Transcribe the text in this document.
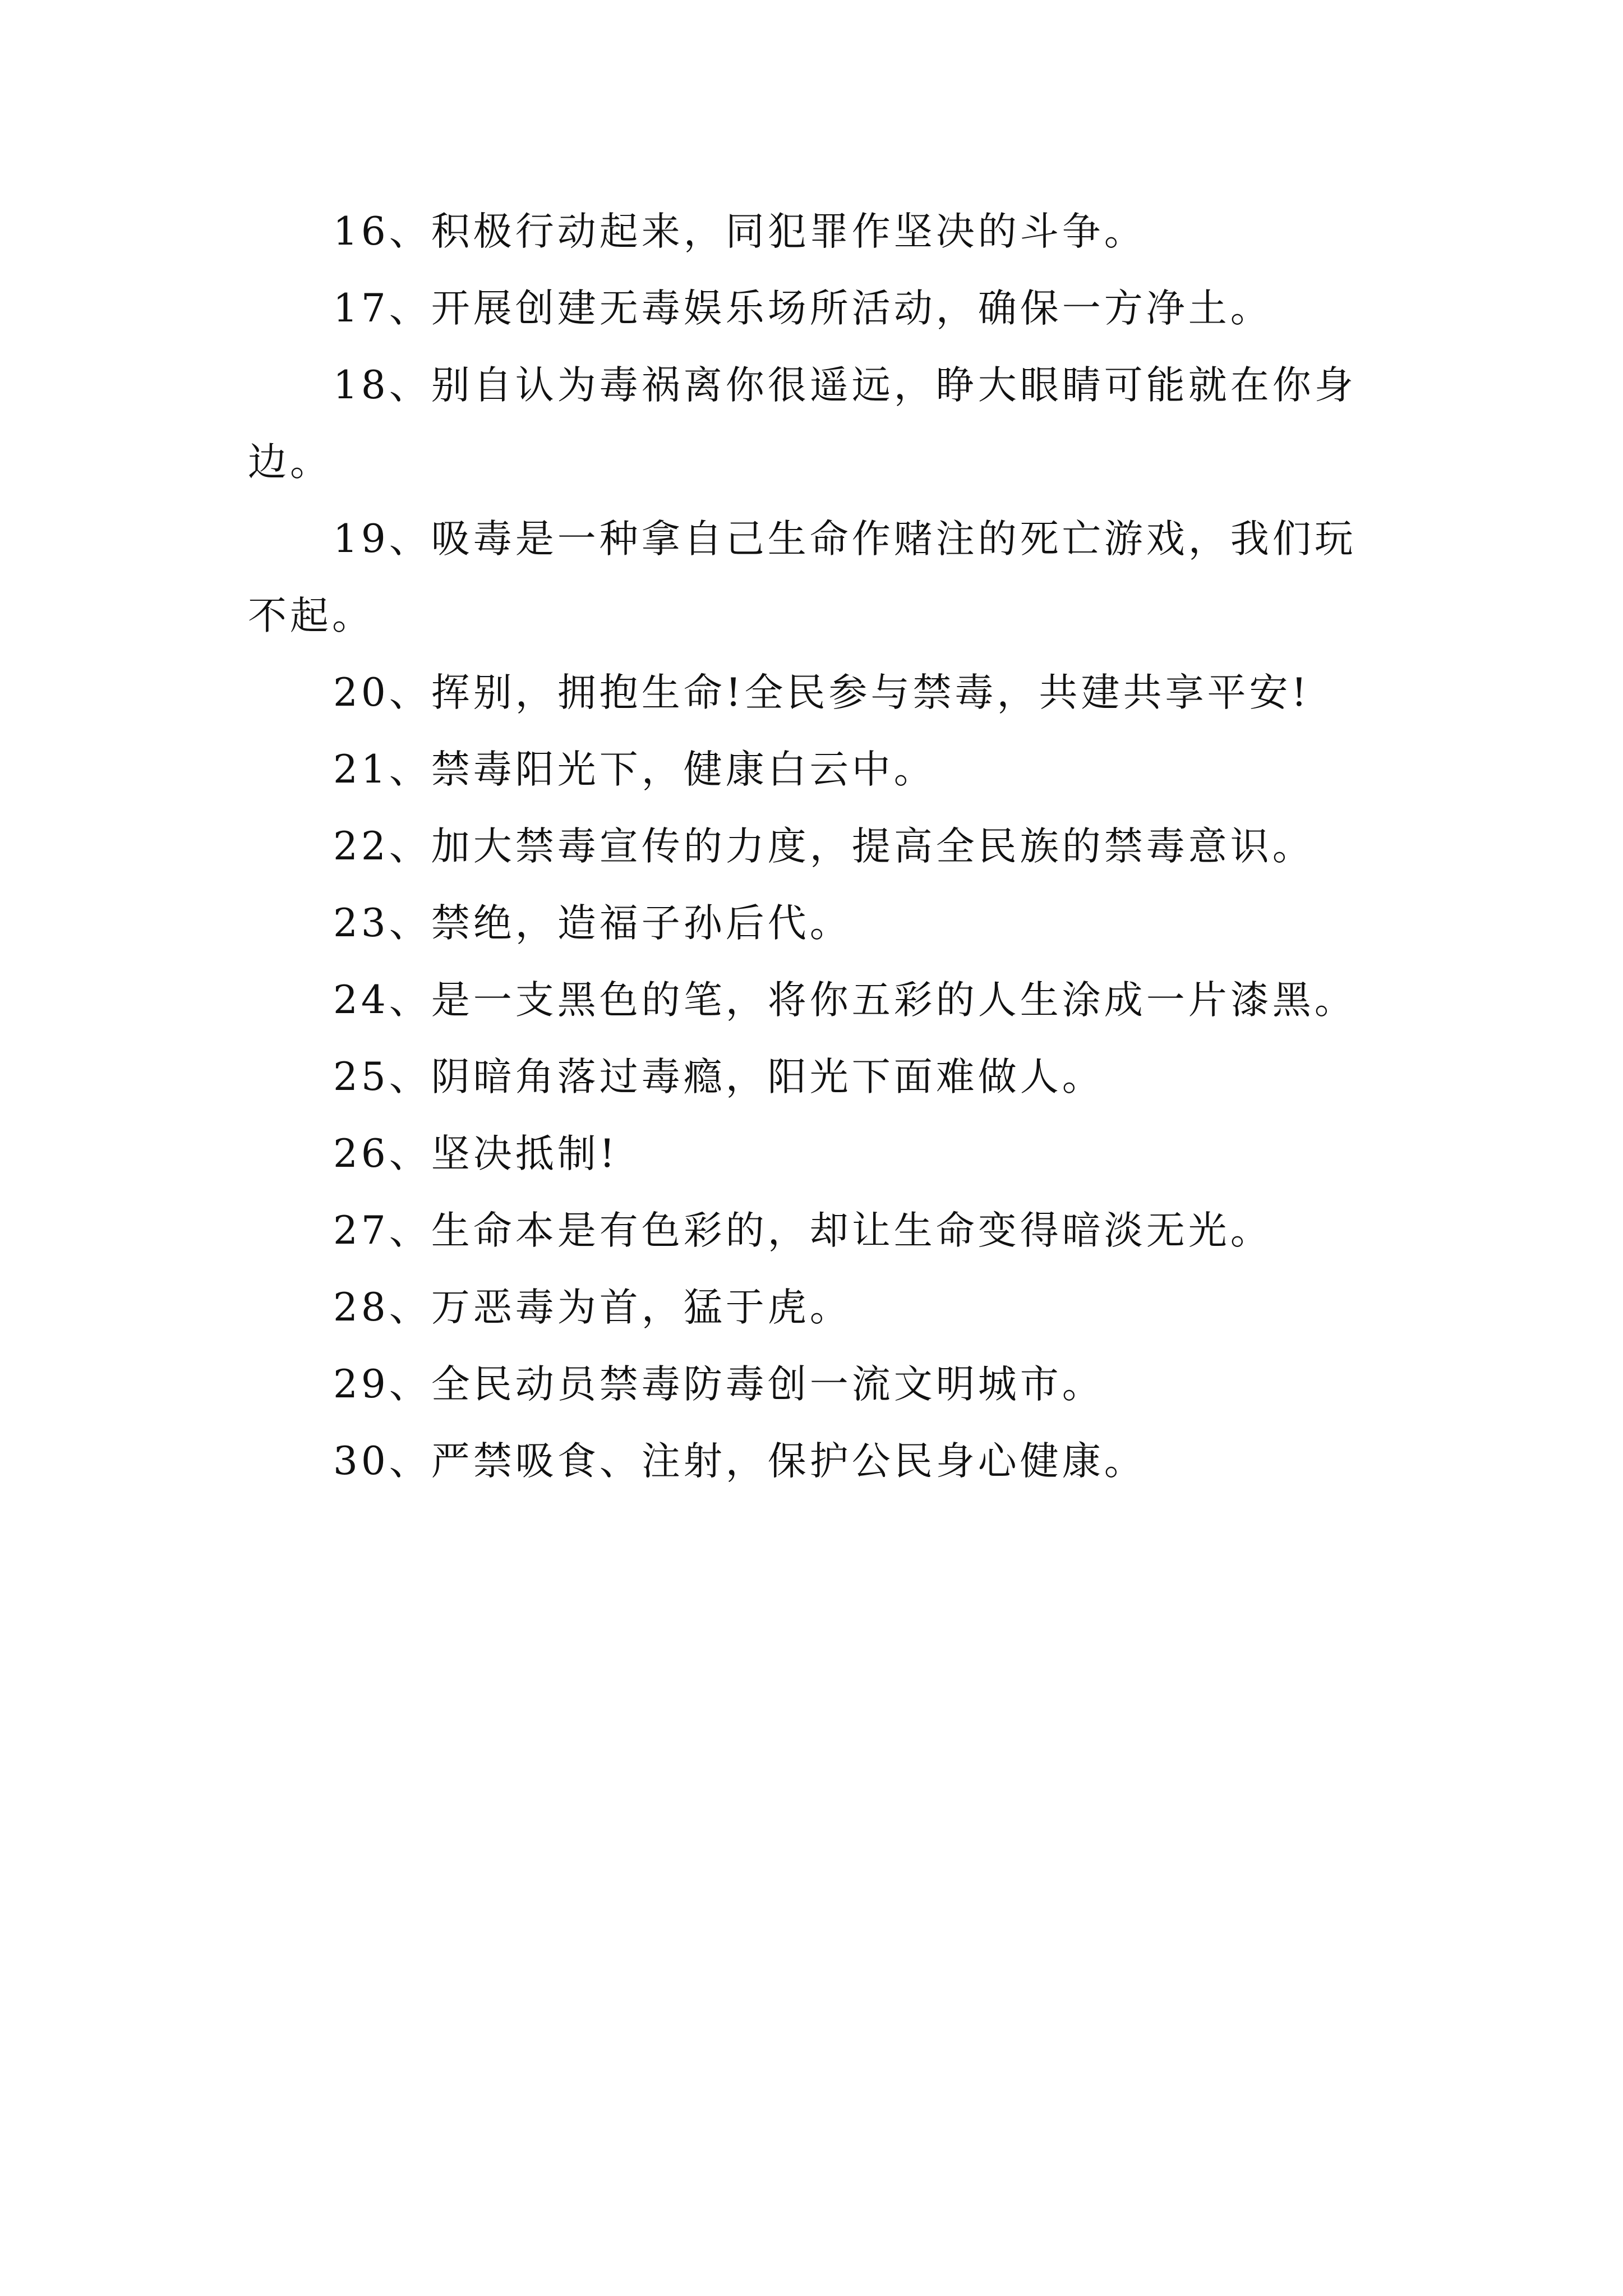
16、积极行动起来，同犯罪作坚决的斗争。

17、开展创建无毒娱乐场所活动，确保一方净土。

18、别自认为毒祸离你很遥远，睁大眼睛可能就在你身边。

19、吸毒是一种拿自己生命作赌注的死亡游戏，我们玩不起。

20、挥别，拥抱生命!全民参与禁毒，共建共享平安!

21、禁毒阳光下，健康白云中。

22、加大禁毒宣传的力度，提高全民族的禁毒意识。

23、禁绝，造福子孙后代。

24、是一支黑色的笔，将你五彩的人生涂成一片漆黑。

25、阴暗角落过毒瘾，阳光下面难做人。

26、坚决抵制!

27、生命本是有色彩的，却让生命变得暗淡无光。

28、万恶毒为首，猛于虎。

29、全民动员禁毒防毒创一流文明城市。

30、严禁吸食、注射，保护公民身心健康。
